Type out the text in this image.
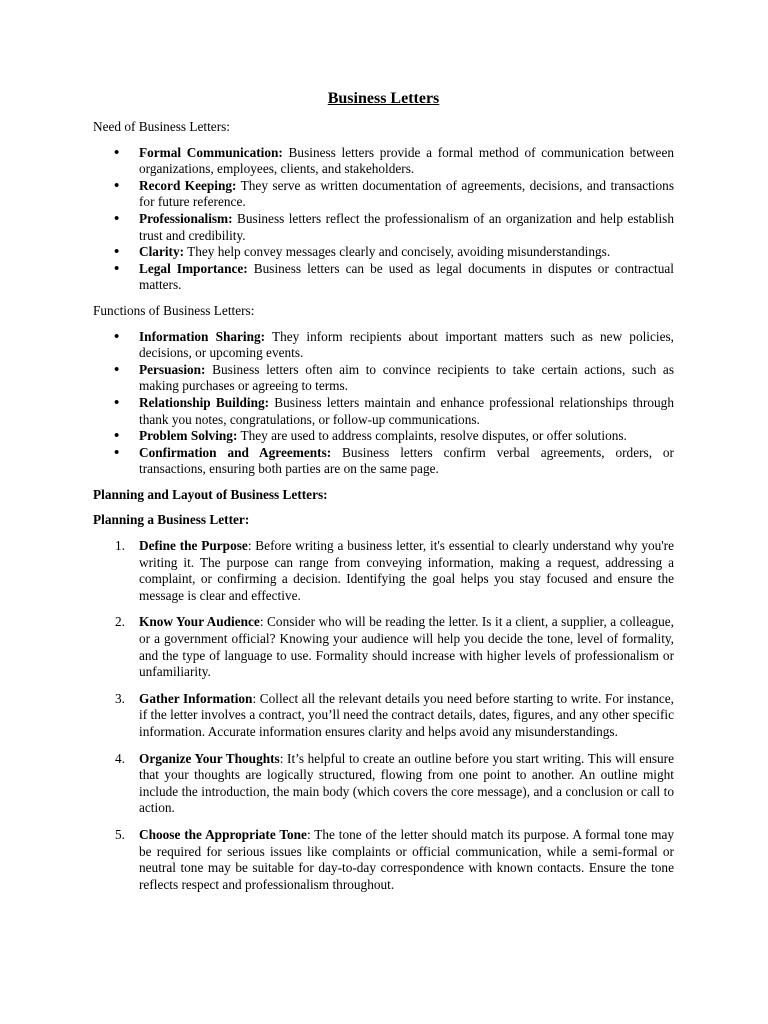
Business Letters

Need of Business Letters:

• Formal Communication: Business letters provide a formal method of communication between organizations, employees, clients, and stakeholders.
• Record Keeping: They serve as written documentation of agreements, decisions, and transactions for future reference.
• Professionalism: Business letters reflect the professionalism of an organization and help establish trust and credibility.
• Clarity: They help convey messages clearly and concisely, avoiding misunderstandings.
• Legal Importance: Business letters can be used as legal documents in disputes or contractual matters.

Functions of Business Letters:

• Information Sharing: They inform recipients about important matters such as new policies, decisions, or upcoming events.
• Persuasion: Business letters often aim to convince recipients to take certain actions, such as making purchases or agreeing to terms.
• Relationship Building: Business letters maintain and enhance professional relationships through thank you notes, congratulations, or follow-up communications.
• Problem Solving: They are used to address complaints, resolve disputes, or offer solutions.
• Confirmation and Agreements: Business letters confirm verbal agreements, orders, or transactions, ensuring both parties are on the same page.

Planning and Layout of Business Letters:

Planning a Business Letter:

1. Define the Purpose: Before writing a business letter, it's essential to clearly understand why you're writing it. The purpose can range from conveying information, making a request, addressing a complaint, or confirming a decision. Identifying the goal helps you stay focused and ensure the message is clear and effective.
2. Know Your Audience: Consider who will be reading the letter. Is it a client, a supplier, a colleague, or a government official? Knowing your audience will help you decide the tone, level of formality, and the type of language to use. Formality should increase with higher levels of professionalism or unfamiliarity.
3. Gather Information: Collect all the relevant details you need before starting to write. For instance, if the letter involves a contract, you’ll need the contract details, dates, figures, and any other specific information. Accurate information ensures clarity and helps avoid any misunderstandings.
4. Organize Your Thoughts: It’s helpful to create an outline before you start writing. This will ensure that your thoughts are logically structured, flowing from one point to another. An outline might include the introduction, the main body (which covers the core message), and a conclusion or call to action.
5. Choose the Appropriate Tone: The tone of the letter should match its purpose. A formal tone may be required for serious issues like complaints or official communication, while a semi-formal or neutral tone may be suitable for day-to-day correspondence with known contacts. Ensure the tone reflects respect and professionalism throughout.
